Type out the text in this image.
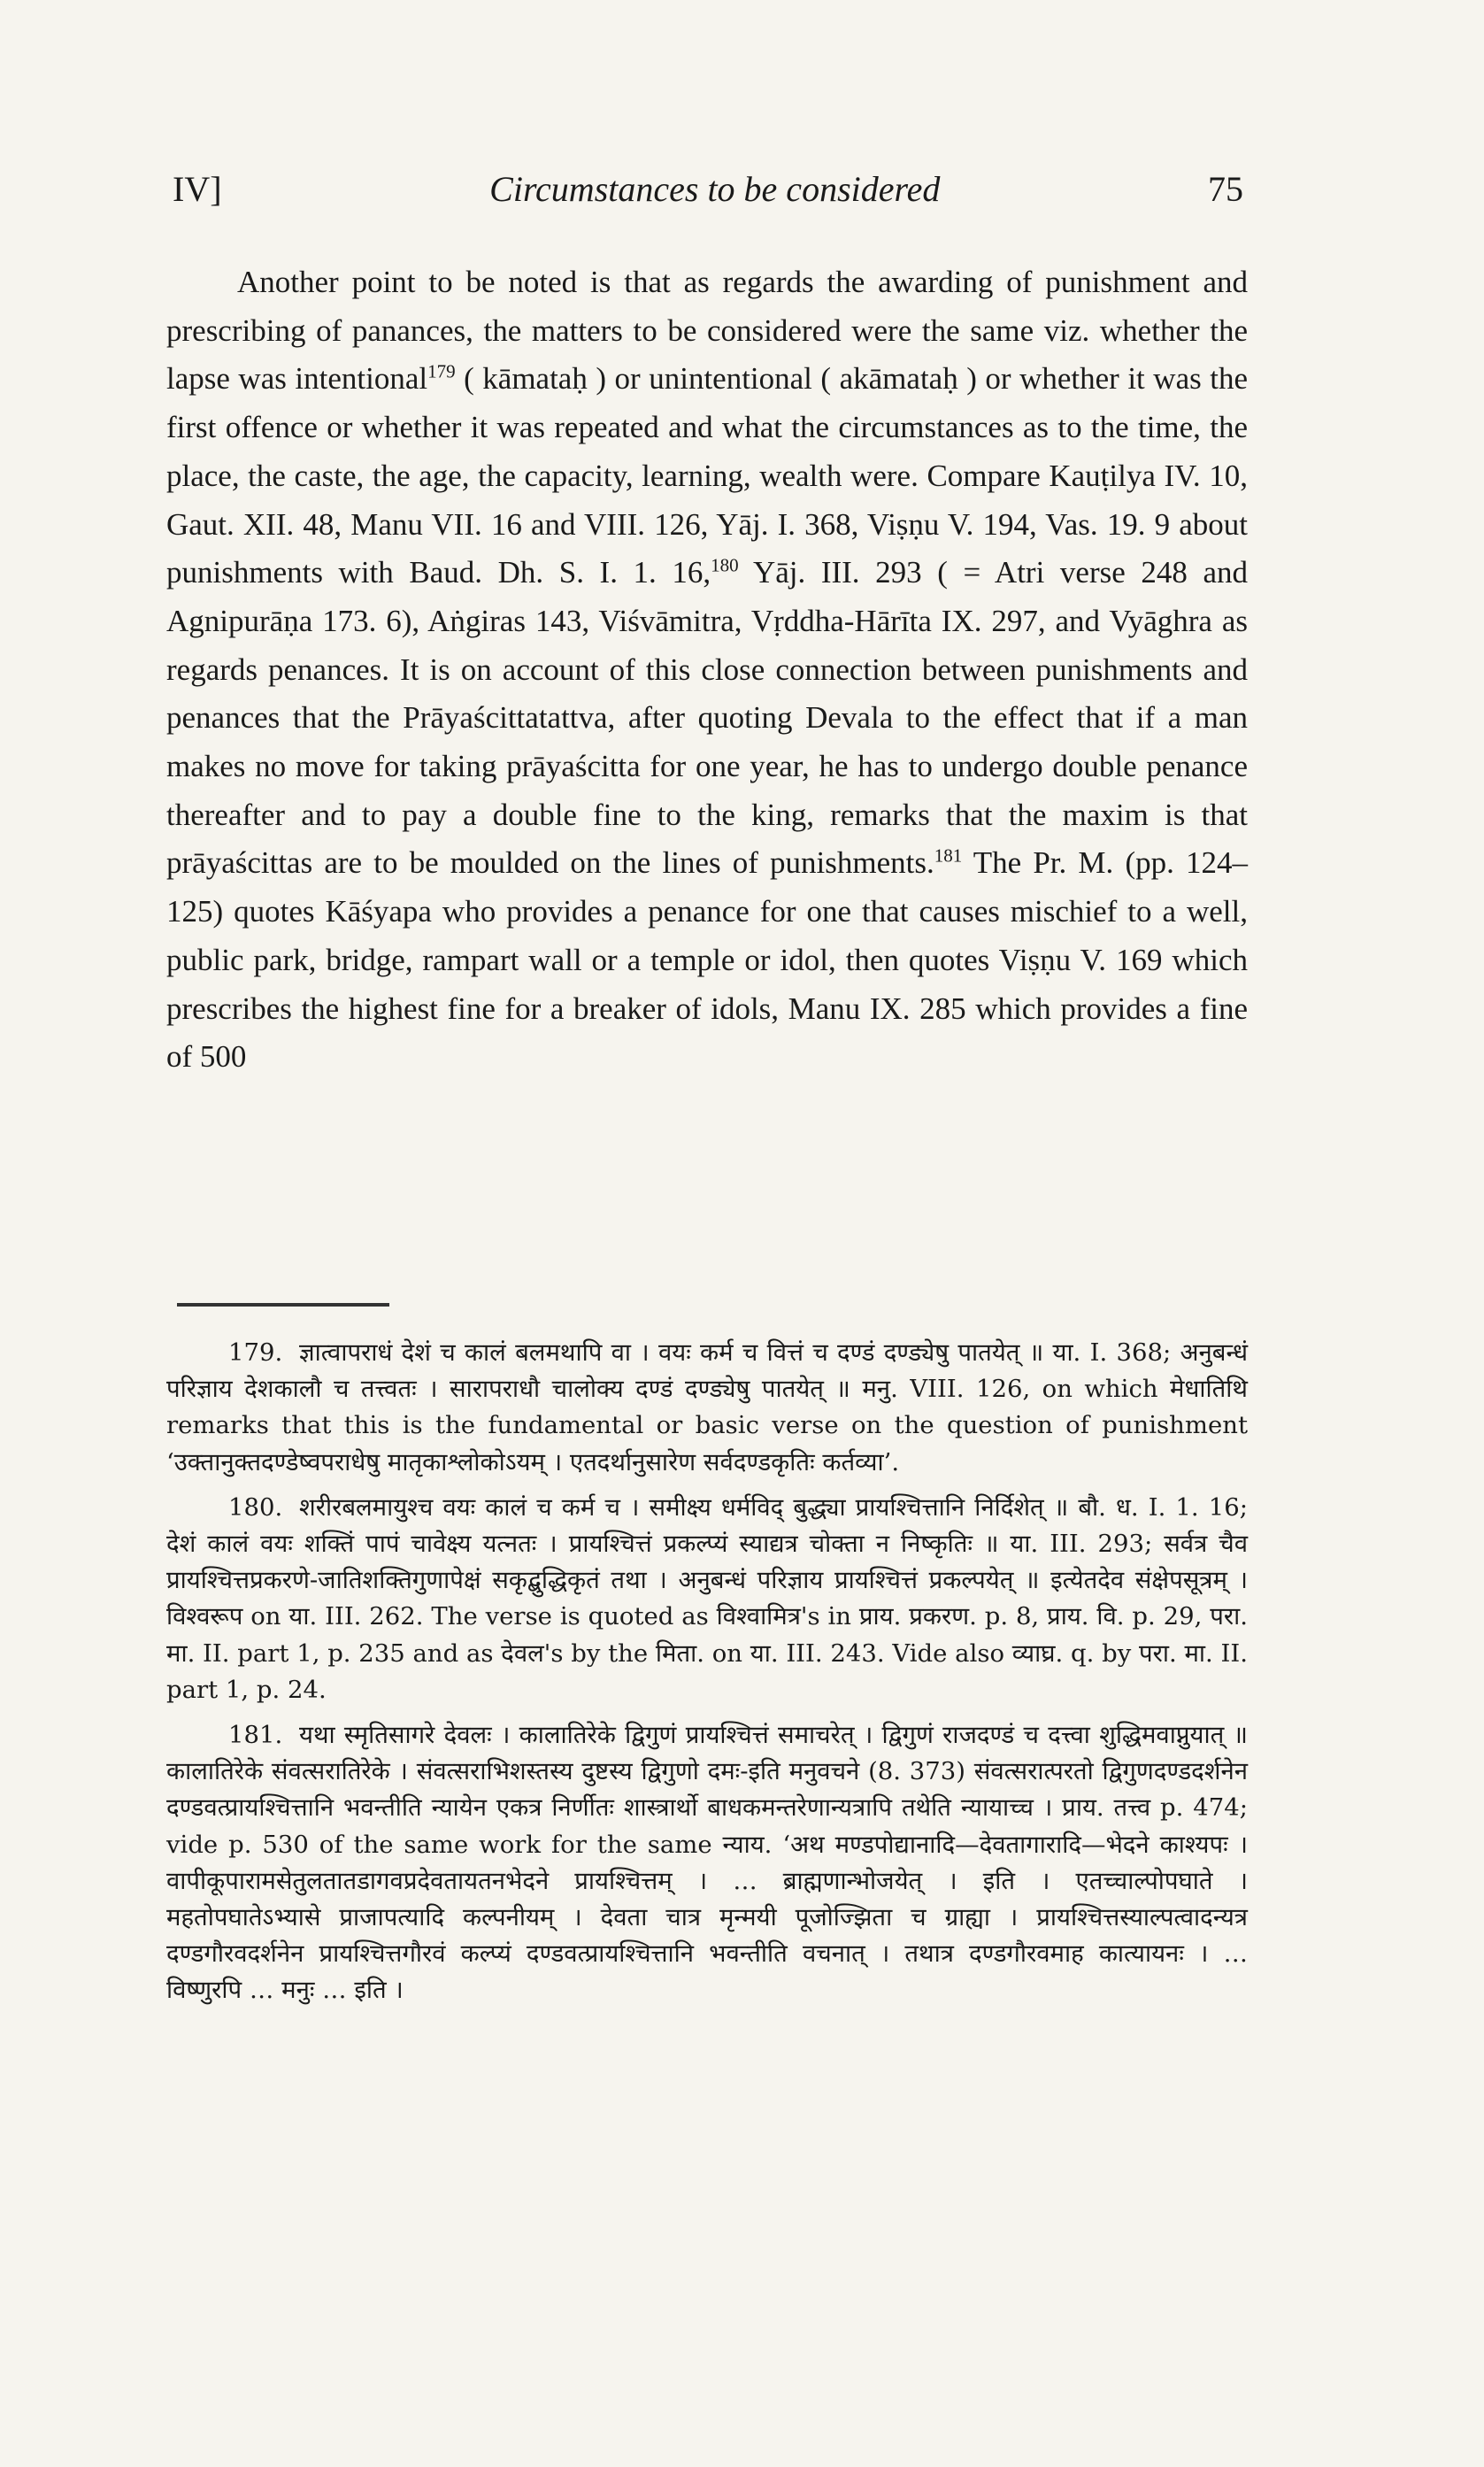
IV]	Circumstances to be considered	75

Another point to be noted is that as regards the awarding of punishment and prescribing of panances, the matters to be considered were the same viz. whether the lapse was intentional$^{179}$ ( kāmataḥ ) or unintentional ( akāmataḥ ) or whether it was the first offence or whether it was repeated and what the circumstances as to the time, the place, the caste, the age, the capacity, learning, wealth were. Compare Kauṭilya IV. 10, Gaut. XII. 48, Manu VII. 16 and VIII. 126, Yāj. I. 368, Viṣṇu V. 194, Vas. 19. 9 about punishments with Baud. Dh. S. I. 1. 16,$^{180}$ Yāj. III. 293 ( = Atri verse 248 and Agnipurāṇa 173. 6), Aṅgiras 143, Viśvāmitra, Vṛddha-Hārīta IX. 297, and Vyāghra as regards penances. It is on account of this close connection between punishments and penances that the Prāyaścittatattva, after quoting Devala to the effect that if a man makes no move for taking prāyaścitta for one year, he has to undergo double penance thereafter and to pay a double fine to the king, remarks that the maxim is that prāyaścittas are to be moulded on the lines of punishments.$^{181}$ The Pr. M. (pp. 124–125) quotes Kāśyapa who provides a penance for one that causes mischief to a well, public park, bridge, rampart wall or a temple or idol, then quotes Viṣṇu V. 169 which prescribes the highest fine for a breaker of idols, Manu IX. 285 which provides a fine of 500

179. ज्ञात्वापराधं देशं च कालं बलमथापि वा । वयः कर्म च वित्तं च दण्डं दण्ड्येषु पातयेत् ॥ या. I. 368; अनुबन्धं परिज्ञाय देशकालौ च तत्त्वतः । सारापराधौ चालोक्य दण्डं दण्ड्येषु पातयेत् ॥ मनु. VIII. 126, on which मेधातिथि remarks that this is the fundamental or basic verse on the question of punishment ‘उक्तानुक्तदण्डेष्वपराधेषु मातृकाश्लोकोऽयम् । एतदर्थानुसारेण सर्वदण्डकृतिः कर्तव्या’.

180. शरीरबलमायुश्च वयः कालं च कर्म च । समीक्ष्य धर्मविद् बुद्ध्या प्रायश्चित्तानि निर्दिशेत् ॥ बौ. ध. I. 1. 16; देशं कालं वयः शक्तिं पापं चावेक्ष्य यत्नतः । प्रायश्चित्तं प्रकल्प्यं स्याद्यत्र चोक्ता न निष्कृतिः ॥ या. III. 293; सर्वत्र चैव प्रायश्चित्तप्रकरणे-जातिशक्तिगुणापेक्षं सकृद्बुद्धिकृतं तथा । अनुबन्धं परिज्ञाय प्रायश्चित्तं प्रकल्पयेत् ॥ इत्येतदेव संक्षेपसूत्रम् । विश्वरूप on या. III. 262. The verse is quoted as विश्वामित्र's in प्राय. प्रकरण. p. 8, प्राय. वि. p. 29, परा. मा. II. part 1, p. 235 and as देवल's by the मिता. on या. III. 243. Vide also व्याघ्र. q. by परा. मा. II. part 1, p. 24.

181. यथा स्मृतिसागरे देवलः । कालातिरेके द्विगुणं प्रायश्चित्तं समाचरेत् । द्विगुणं राजदण्डं च दत्त्वा शुद्धिमवाप्नुयात् ॥ कालातिरेके संवत्सरातिरेके । संवत्सराभिशस्तस्य दुष्टस्य द्विगुणो दमः-इति मनुवचने (8. 373) संवत्सरात्परतो द्विगुणदण्डदर्शनेन दण्डवत्प्रायश्चित्तानि भवन्तीति न्यायेन एकत्र निर्णीतः शास्त्रार्थो बाधकमन्तरेणान्यत्रापि तथेति न्यायाच्च । प्राय. तत्त्व p. 474; vide p. 530 of the same work for the same न्याय. ‘अथ मण्डपोद्यानादि—देवतागारादि—भेदने काश्यपः । वापीकूपारामसेतुलतातडागवप्रदेवतायतनभेदने प्रायश्चित्तम् । … ब्राह्मणान्भोजयेत् । इति । एतच्चाल्पोपघाते । महतोपघातेऽभ्यासे प्राजापत्यादि कल्पनीयम् । देवता चात्र मृन्मयी पूजोज्झिता च ग्राह्या । प्रायश्चित्तस्याल्पत्वादन्यत्र दण्डगौरवदर्शनेन प्रायश्चित्तगौरवं कल्प्यं दण्डवत्प्रायश्चित्तानि भवन्तीति वचनात् । तथात्र दण्डगौरवमाह कात्यायनः । … विष्णुरपि … मनुः … इति ।
